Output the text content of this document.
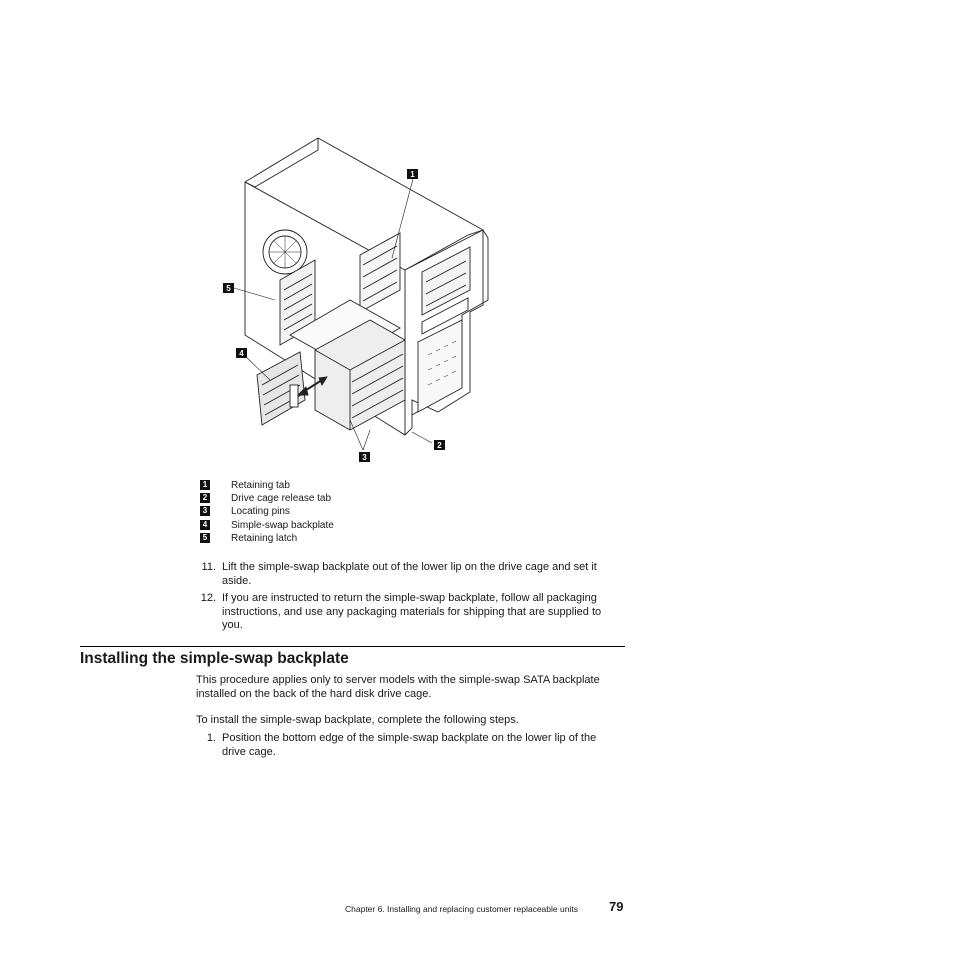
1
2
3
4
5
1 Retaining tab
2 Drive cage release tab
3 Locating pins
4 Simple-swap backplate
5 Retaining latch
11. Lift the simple-swap backplate out of the lower lip on the drive cage and set it aside.
12. If you are instructed to return the simple-swap backplate, follow all packaging instructions, and use any packaging materials for shipping that are supplied to you.
Installing the simple-swap backplate
This procedure applies only to server models with the simple-swap SATA backplate installed on the back of the hard disk drive cage.
To install the simple-swap backplate, complete the following steps.
1. Position the bottom edge of the simple-swap backplate on the lower lip of the drive cage.
Chapter 6. Installing and replacing customer replaceable units 79
